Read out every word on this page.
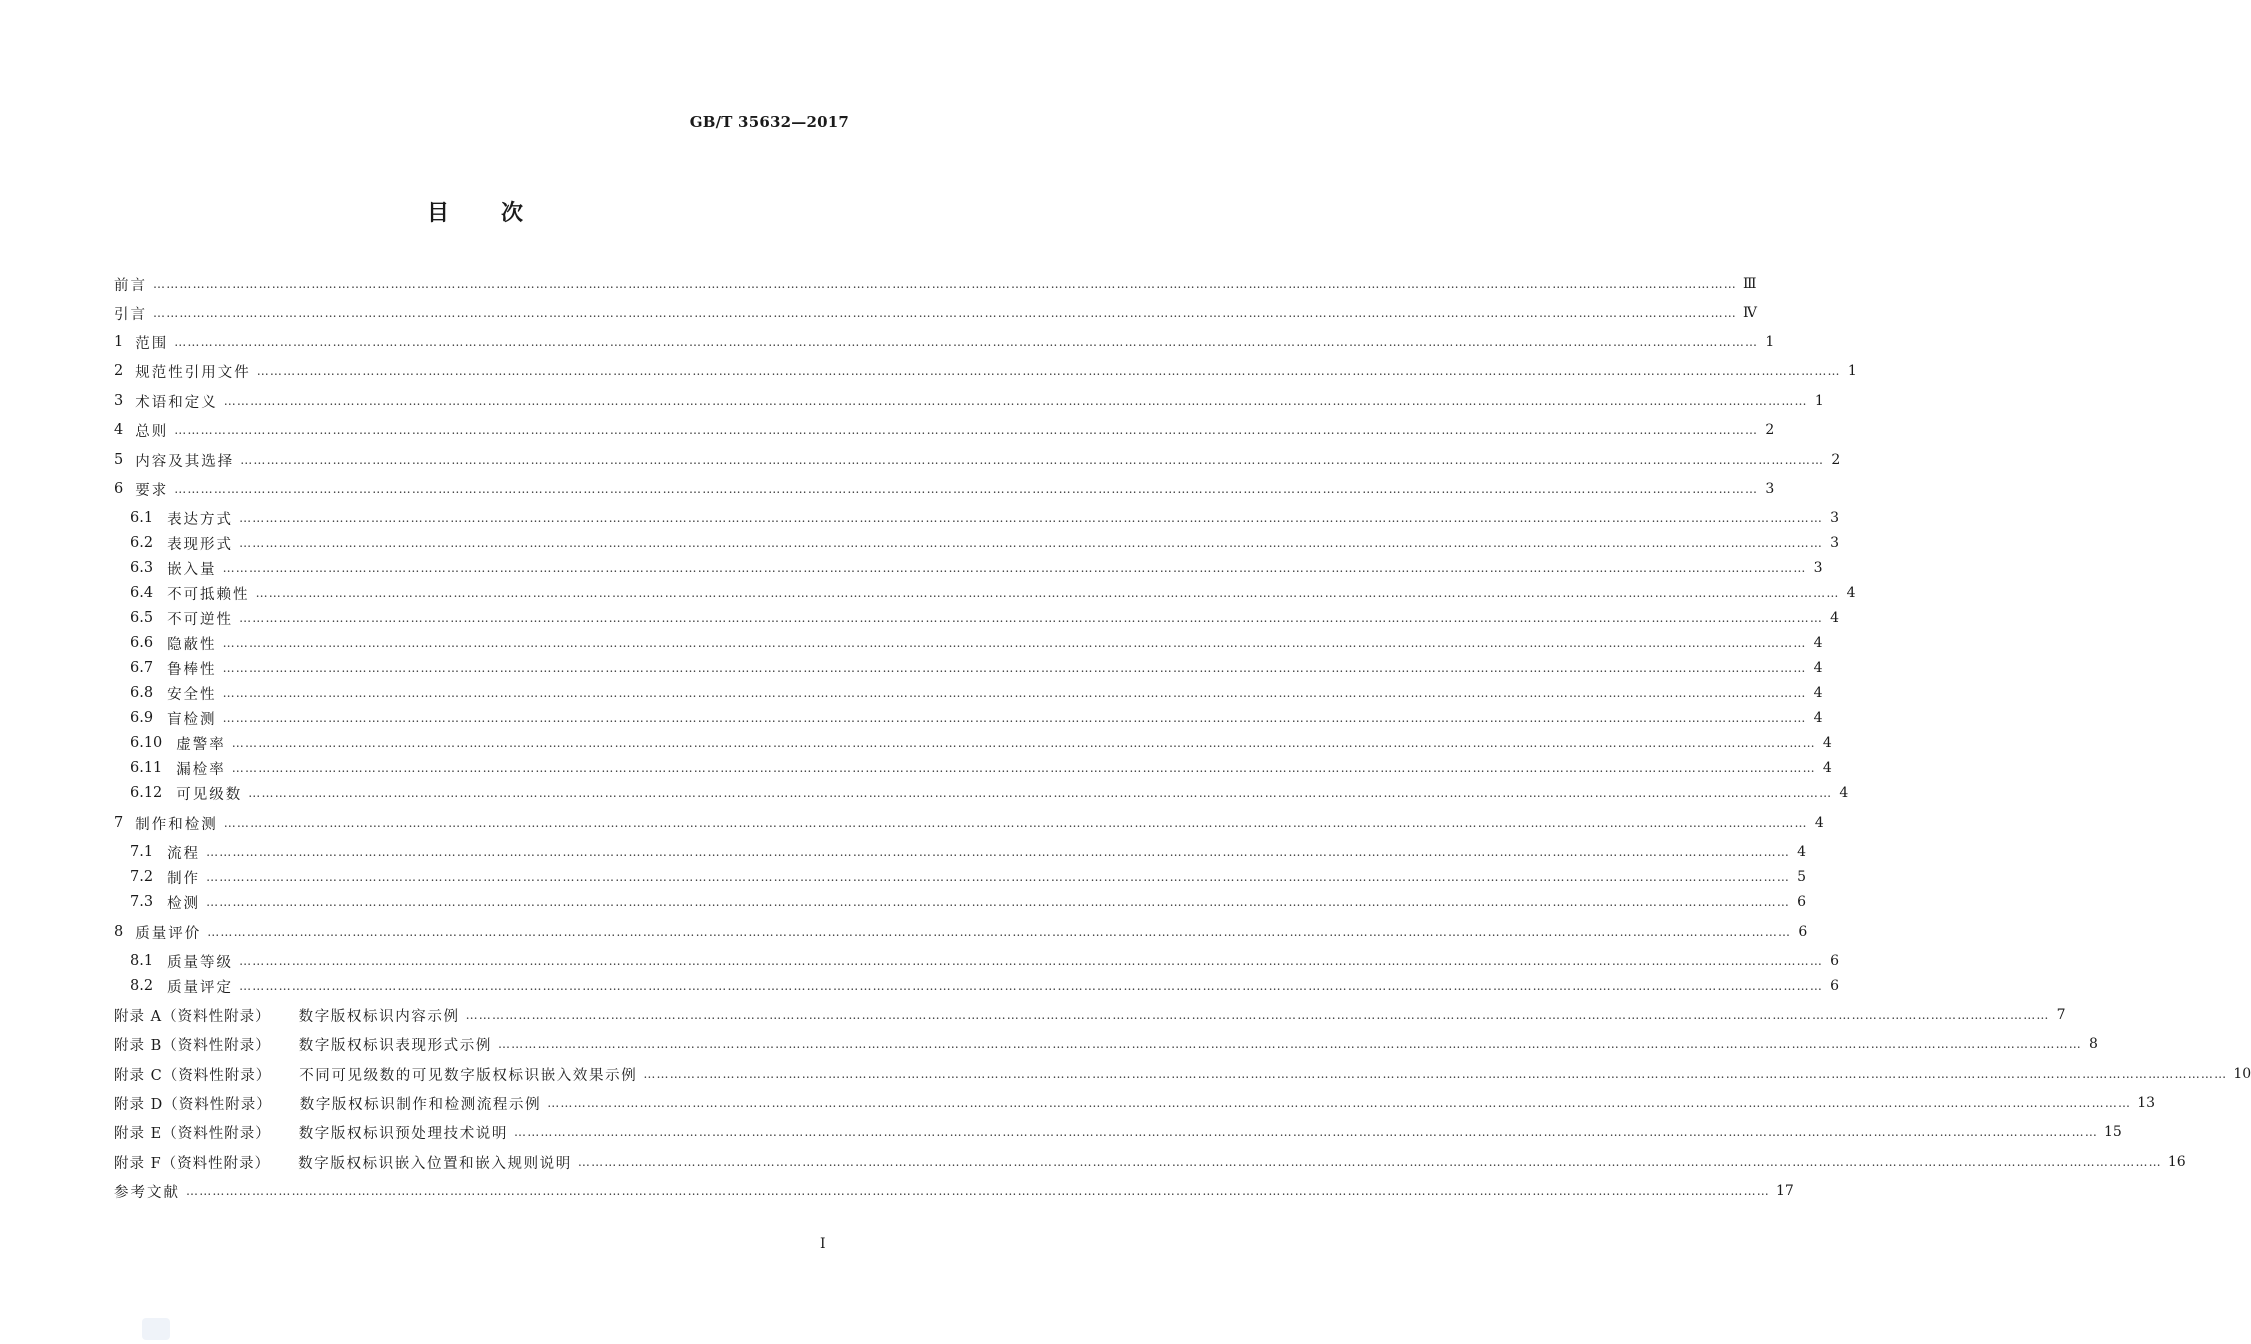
GB/T 35632—2017
目次
前言 ……………………………………………………………………………………………………………………………………………………………………………………………………………………………………………………………………………………………………………………………… Ⅲ
引言 ……………………………………………………………………………………………………………………………………………………………………………………………………………………………………………………………………………………………………………………………… Ⅳ
1 范围 ……………………………………………………………………………………………………………………………………………………………………………………………………………………………………………………………………………………………………………………………… 1
2 规范性引用文件 ……………………………………………………………………………………………………………………………………………………………………………………………………………………………………………………………………………………………………………………………… 1
3 术语和定义 ……………………………………………………………………………………………………………………………………………………………………………………………………………………………………………………………………………………………………………………………… 1
4 总则 ……………………………………………………………………………………………………………………………………………………………………………………………………………………………………………………………………………………………………………………………… 2
5 内容及其选择 ……………………………………………………………………………………………………………………………………………………………………………………………………………………………………………………………………………………………………………………………… 2
6 要求 ……………………………………………………………………………………………………………………………………………………………………………………………………………………………………………………………………………………………………………………………… 3
6.1 表达方式 ……………………………………………………………………………………………………………………………………………………………………………………………………………………………………………………………………………………………………………………………… 3
6.2 表现形式 ……………………………………………………………………………………………………………………………………………………………………………………………………………………………………………………………………………………………………………………………… 3
6.3 嵌入量 ……………………………………………………………………………………………………………………………………………………………………………………………………………………………………………………………………………………………………………………………… 3
6.4 不可抵赖性 ……………………………………………………………………………………………………………………………………………………………………………………………………………………………………………………………………………………………………………………………… 4
6.5 不可逆性 ……………………………………………………………………………………………………………………………………………………………………………………………………………………………………………………………………………………………………………………………… 4
6.6 隐蔽性 ……………………………………………………………………………………………………………………………………………………………………………………………………………………………………………………………………………………………………………………………… 4
6.7 鲁棒性 ……………………………………………………………………………………………………………………………………………………………………………………………………………………………………………………………………………………………………………………………… 4
6.8 安全性 ……………………………………………………………………………………………………………………………………………………………………………………………………………………………………………………………………………………………………………………………… 4
6.9 盲检测 ……………………………………………………………………………………………………………………………………………………………………………………………………………………………………………………………………………………………………………………………… 4
6.10 虚警率 ……………………………………………………………………………………………………………………………………………………………………………………………………………………………………………………………………………………………………………………………… 4
6.11 漏检率 ……………………………………………………………………………………………………………………………………………………………………………………………………………………………………………………………………………………………………………………………… 4
6.12 可见级数 ……………………………………………………………………………………………………………………………………………………………………………………………………………………………………………………………………………………………………………………………… 4
7 制作和检测 ……………………………………………………………………………………………………………………………………………………………………………………………………………………………………………………………………………………………………………………………… 4
7.1 流程 ……………………………………………………………………………………………………………………………………………………………………………………………………………………………………………………………………………………………………………………………… 4
7.2 制作 ……………………………………………………………………………………………………………………………………………………………………………………………………………………………………………………………………………………………………………………………… 5
7.3 检测 ……………………………………………………………………………………………………………………………………………………………………………………………………………………………………………………………………………………………………………………………… 6
8 质量评价 ……………………………………………………………………………………………………………………………………………………………………………………………………………………………………………………………………………………………………………………………… 6
8.1 质量等级 ……………………………………………………………………………………………………………………………………………………………………………………………………………………………………………………………………………………………………………………………… 6
8.2 质量评定 ……………………………………………………………………………………………………………………………………………………………………………………………………………………………………………………………………………………………………………………………… 6
附录 A（资料性附录） 数字版权标识内容示例 ……………………………………………………………………………………………………………………………………………………………………………………………………………………………………………………………………………………………………………………………… 7
附录 B（资料性附录） 数字版权标识表现形式示例 ……………………………………………………………………………………………………………………………………………………………………………………………………………………………………………………………………………………………………………………………… 8
附录 C（资料性附录） 不同可见级数的可见数字版权标识嵌入效果示例 ……………………………………………………………………………………………………………………………………………………………………………………………………………………………………………………………………………………………………………………………… 10
附录 D（资料性附录） 数字版权标识制作和检测流程示例 ……………………………………………………………………………………………………………………………………………………………………………………………………………………………………………………………………………………………………………………………… 13
附录 E（资料性附录） 数字版权标识预处理技术说明 ……………………………………………………………………………………………………………………………………………………………………………………………………………………………………………………………………………………………………………………………… 15
附录 F（资料性附录） 数字版权标识嵌入位置和嵌入规则说明 ……………………………………………………………………………………………………………………………………………………………………………………………………………………………………………………………………………………………………………………………… 16
参考文献 ……………………………………………………………………………………………………………………………………………………………………………………………………………………………………………………………………………………………………………………………… 17
I
